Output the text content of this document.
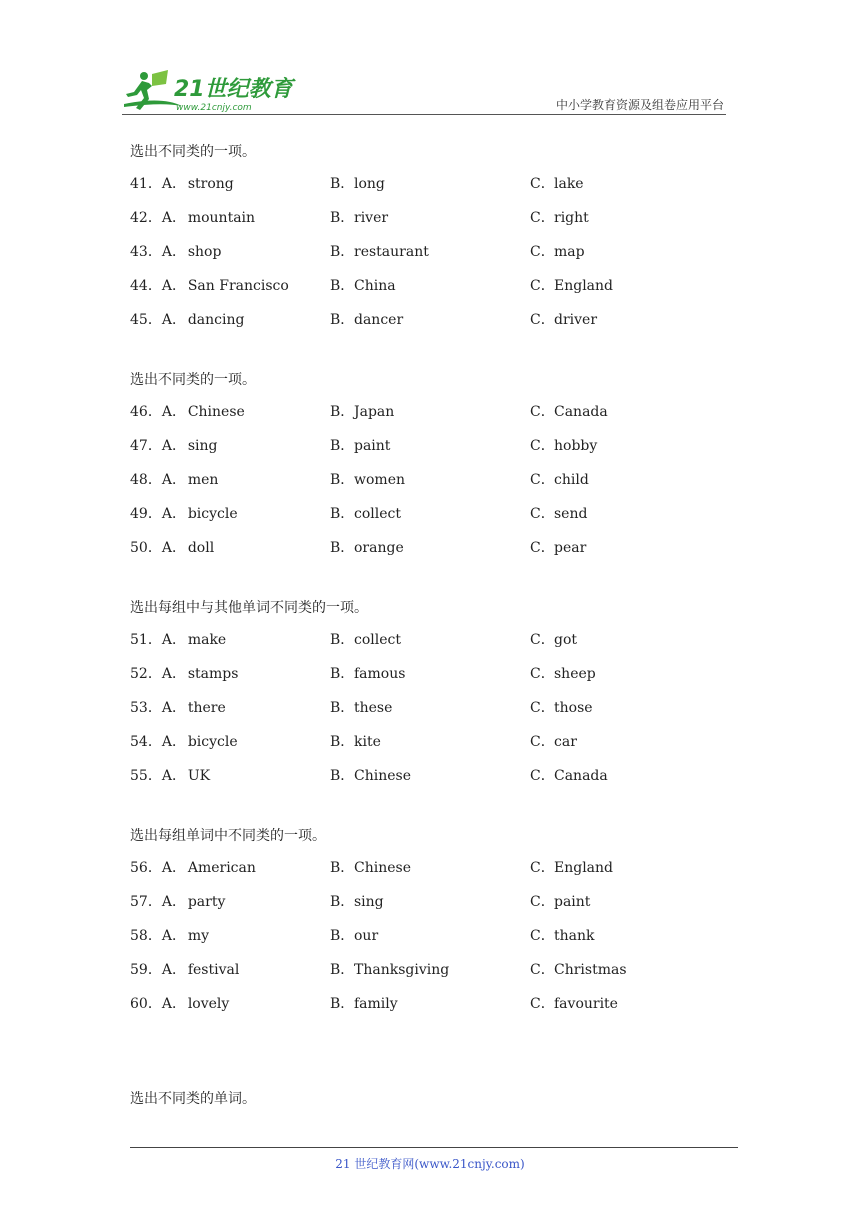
21世纪教育
www.21cnjy.com	中小学教育资源及组卷应用平台
选出不同类的一项。
41．A． strong	B．long	C．lake
42．A． mountain	B．river	C．right
43．A． shop	B．restaurant	C．map
44．A． San Francisco	B．China	C．England
45．A． dancing	B．dancer	C．driver
选出不同类的一项。
46．A． Chinese	B．Japan	C．Canada
47．A． sing	B．paint	C．hobby
48．A． men	B．women	C．child
49．A． bicycle	B．collect	C．send
50．A． doll	B．orange	C．pear
选出每组中与其他单词不同类的一项。
51．A． make	B．collect	C．got
52．A． stamps	B．famous	C．sheep
53．A． there	B．these	C．those
54．A． bicycle	B．kite	C．car
55．A． UK	B．Chinese	C．Canada
选出每组单词中不同类的一项。
56．A． American	B．Chinese	C．England
57．A． party	B．sing	C．paint
58．A． my	B．our	C．thank
59．A． festival	B．Thanksgiving	C．Christmas
60．A． lovely	B．family	C．favourite
选出不同类的单词。
21 世纪教育网(www.21cnjy.com)
